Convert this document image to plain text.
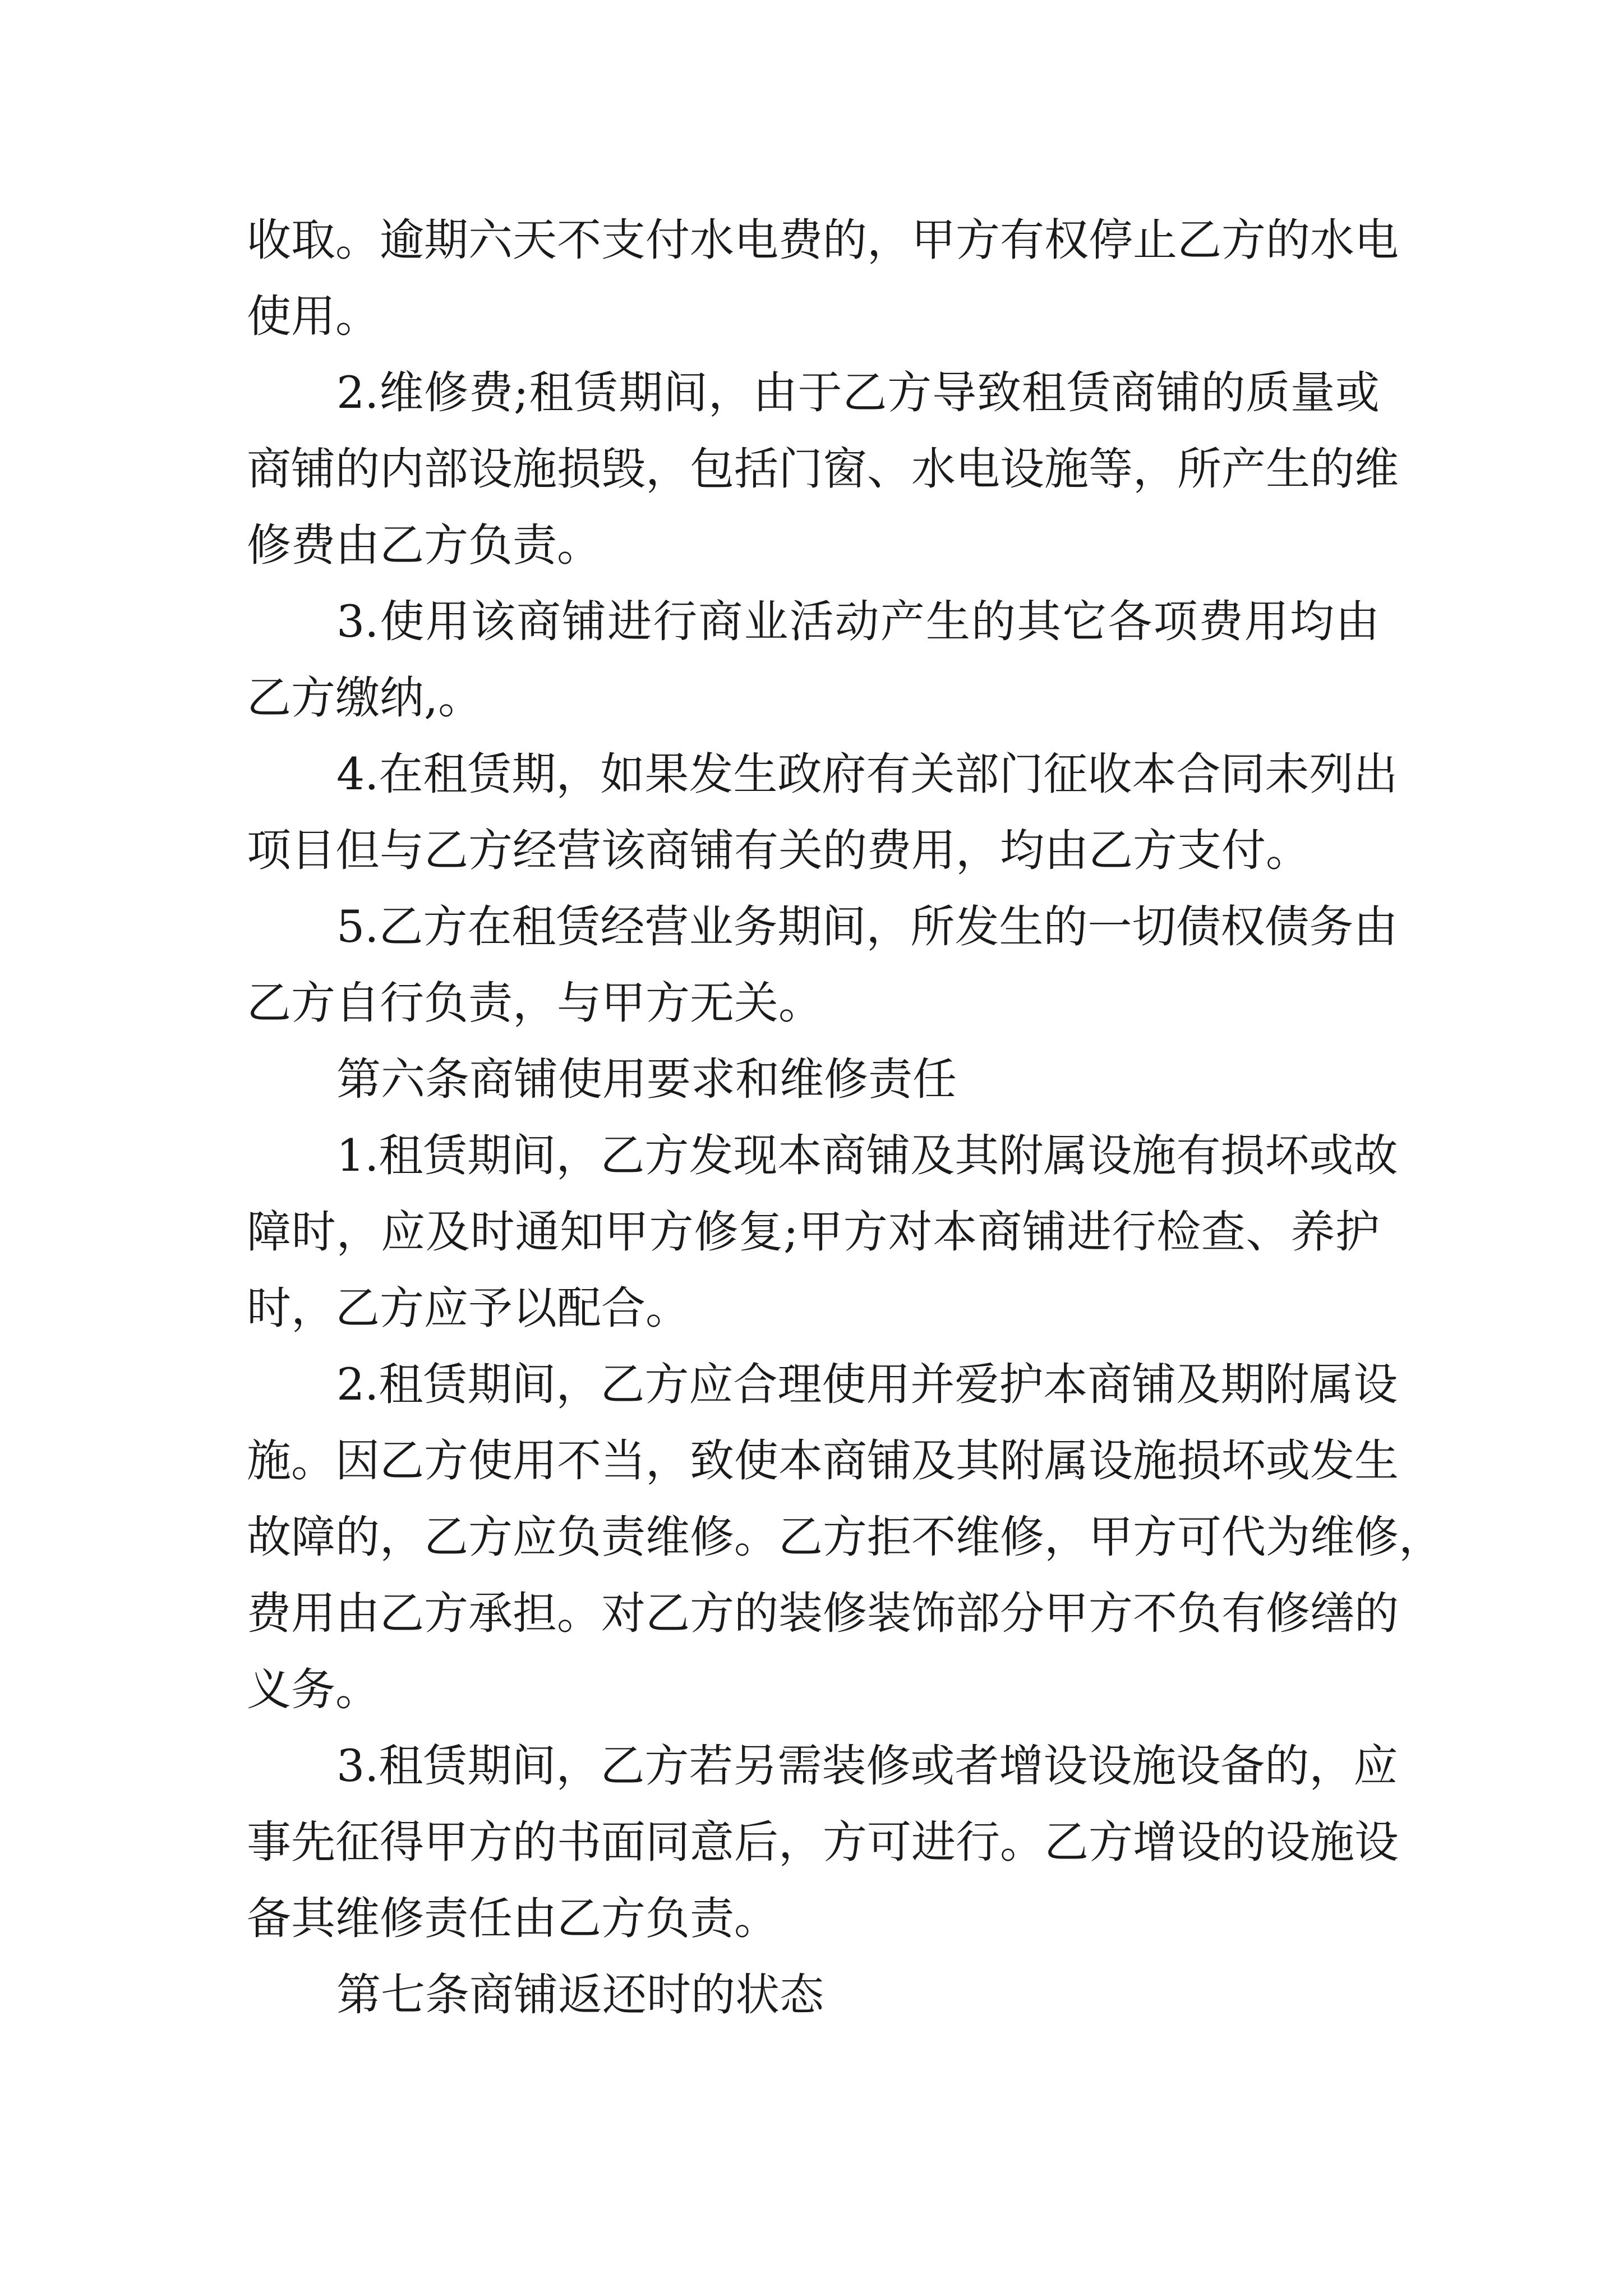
收取。逾期六天不支付水电费的，甲方有权停止乙方的水电

使用。

2.维修费;租赁期间，由于乙方导致租赁商铺的质量或

商铺的内部设施损毁，包括门窗、水电设施等，所产生的维

修费由乙方负责。

3.使用该商铺进行商业活动产生的其它各项费用均由

乙方缴纳,。

4.在租赁期，如果发生政府有关部门征收本合同未列出

项目但与乙方经营该商铺有关的费用，均由乙方支付。

5.乙方在租赁经营业务期间，所发生的一切债权债务由

乙方自行负责，与甲方无关。

第六条商铺使用要求和维修责任

1.租赁期间，乙方发现本商铺及其附属设施有损坏或故

障时，应及时通知甲方修复;甲方对本商铺进行检查、养护

时，乙方应予以配合。

2.租赁期间，乙方应合理使用并爱护本商铺及期附属设

施。因乙方使用不当，致使本商铺及其附属设施损坏或发生

故障的，乙方应负责维修。乙方拒不维修，甲方可代为维修，

费用由乙方承担。对乙方的装修装饰部分甲方不负有修缮的

义务。

3.租赁期间，乙方若另需装修或者增设设施设备的，应

事先征得甲方的书面同意后，方可进行。乙方增设的设施设

备其维修责任由乙方负责。

第七条商铺返还时的状态
